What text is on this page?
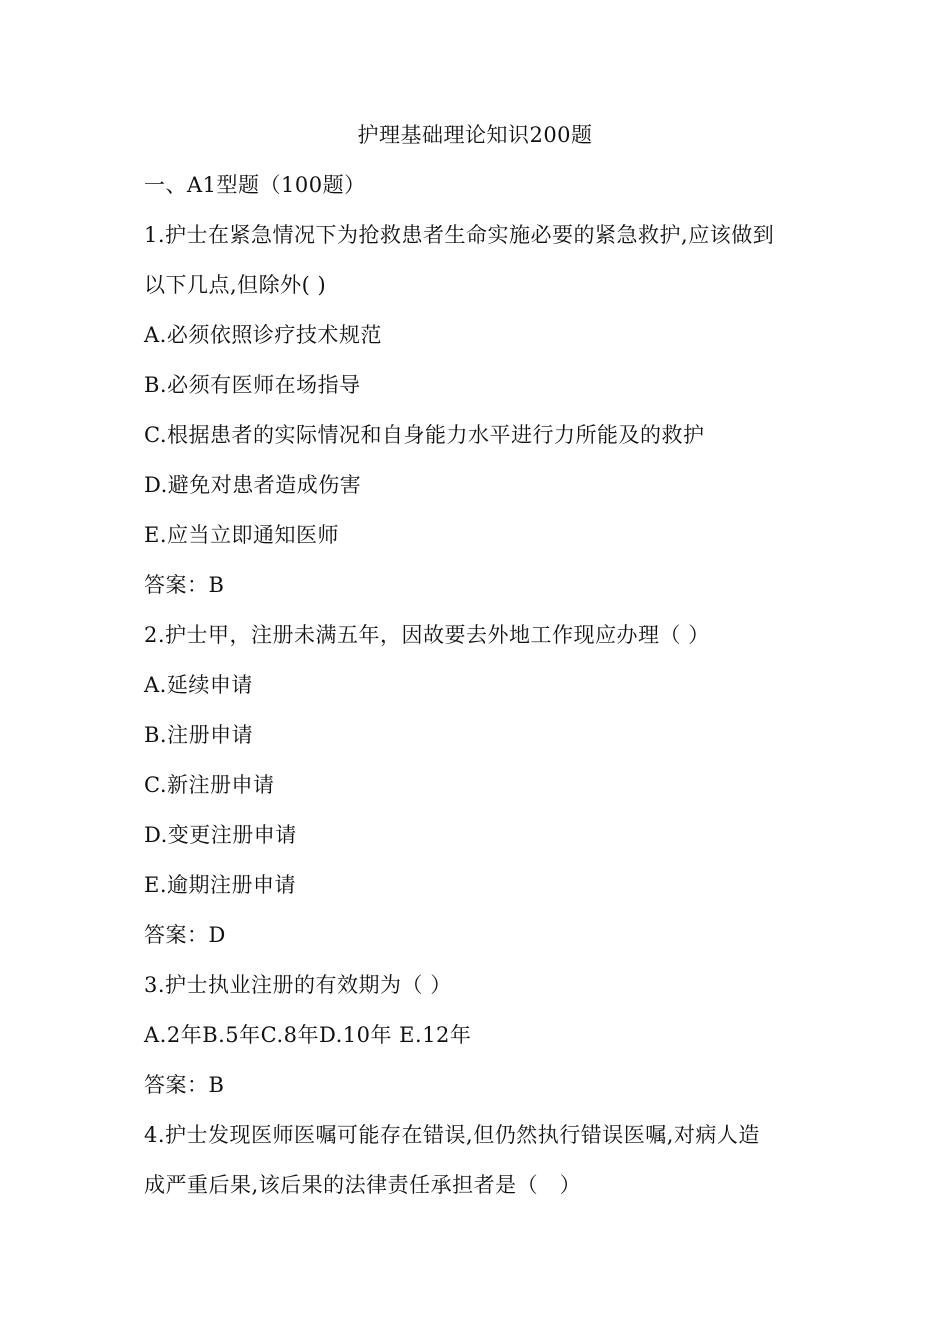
护理基础理论知识200题
一、A1型题（100题）
1.护士在紧急情况下为抢救患者生命实施必要的紧急救护,应该做到
以下几点,但除外( )
A.必须依照诊疗技术规范
B.必须有医师在场指导
C.根据患者的实际情况和自身能力水平进行力所能及的救护
D.避免对患者造成伤害
E.应当立即通知医师
答案：B
2.护士甲，注册未满五年，因故要去外地工作现应办理（ ）
A.延续申请
B.注册申请
C.新注册申请
D.变更注册申请
E.逾期注册申请
答案：D
3.护士执业注册的有效期为（ ）
A.2年B.5年C.8年D.10年 E.12年
答案：B
4.护士发现医师医嘱可能存在错误,但仍然执行错误医嘱,对病人造
成严重后果,该后果的法律责任承担者是（　）
